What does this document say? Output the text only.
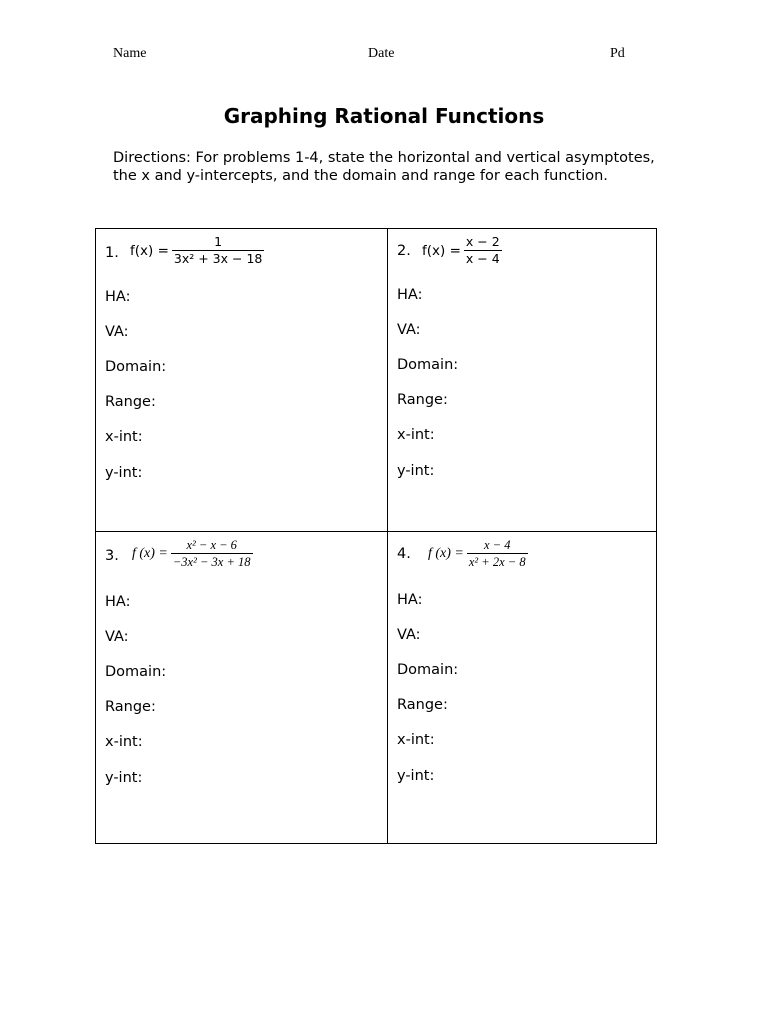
Name	Date	Pd
Graphing Rational Functions
Directions: For problems 1-4, state the horizontal and vertical asymptotes, the x and y-intercepts, and the domain and range for each function.
1. $f(x) = \frac{1}{\text{3x² + 3x − 18}}$
HA:
VA:
Domain:
Range:
x-int:
y-int:
2. $f(x) = \frac{x - 2}{x - 4}$
HA:
VA:
Domain:
Range:
x-int:
y-int:
3. f $(x) = \frac{\text{x² − x − 6}}{\text{−3x² − 3x + 18}}$
HA:
VA:
Domain:
Range:
x-int:
y-int:
4. f $(x) = \frac{x - 4}{\text{x² + 2x − 8}}$
HA:
VA:
Domain:
Range:
x-int:
y-int:
